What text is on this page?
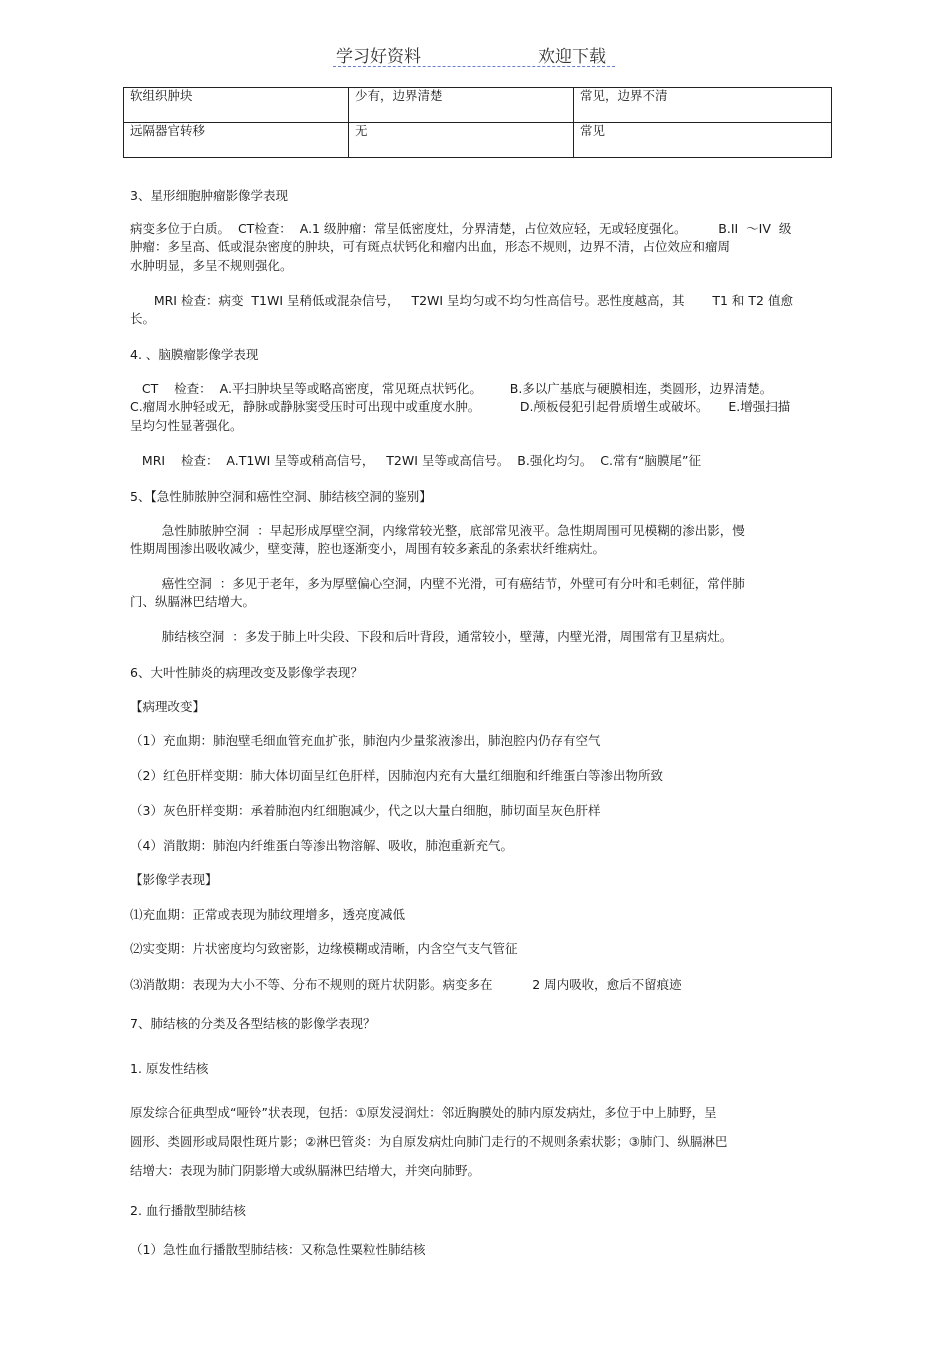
学习好资料	欢迎下载
软组织肿块	少有，边界清楚	常见，边界不清
远隔器官转移	无	常见
3、星形细胞肿瘤影像学表现
病变多位于白质。  CT检查：  A.1 级肿瘤：常呈低密度灶，分界清楚，占位效应轻，无或轻度强化。        B.II  ～IV  级
肿瘤：多呈高、低或混杂密度的肿块，可有斑点状钙化和瘤内出血，形态不规则，边界不清，占位效应和瘤周
水肿明显，多呈不规则强化。
MRI 检查：病变  T1WI 呈稍低或混杂信号，   T2WI 呈均匀或不均匀性高信号。恶性度越高，其       T1 和 T2 值愈
长。
4. 、脑膜瘤影像学表现
CT    检查：  A.平扫肿块呈等或略高密度，常见斑点状钙化。       B.多以广基底与硬膜相连，类圆形，边界清楚。
C.瘤周水肿轻或无，静脉或静脉窦受压时可出现中或重度水肿。          D.颅板侵犯引起骨质增生或破坏。     E.增强扫描
呈均匀性显著强化。
MRI    检查：  A.T1WI 呈等或稍高信号，   T2WI 呈等或高信号。  B.强化均匀。  C.常有“脑膜尾”征
5、【急性肺脓肿空洞和癌性空洞、肺结核空洞的鉴别】
急性肺脓肿空洞  ：早起形成厚壁空洞，内缘常较光整，底部常见液平。急性期周围可见模糊的渗出影，慢
性期周围渗出吸收减少，壁变薄，腔也逐渐变小，周围有较多紊乱的条索状纤维病灶。
癌性空洞  ：多见于老年，多为厚壁偏心空洞，内壁不光滑，可有癌结节，外壁可有分叶和毛刺征，常伴肺
门、纵膈淋巴结增大。
肺结核空洞  ：多发于肺上叶尖段、下段和后叶背段，通常较小，壁薄，内壁光滑，周围常有卫星病灶。
6、大叶性肺炎的病理改变及影像学表现？
【病理改变】
（1）充血期：肺泡壁毛细血管充血扩张，肺泡内少量浆液渗出，肺泡腔内仍存有空气
（2）红色肝样变期：肺大体切面呈红色肝样，因肺泡内充有大量红细胞和纤维蛋白等渗出物所致
（3）灰色肝样变期：承着肺泡内红细胞减少，代之以大量白细胞，肺切面呈灰色肝样
（4）消散期：肺泡内纤维蛋白等渗出物溶解、吸收，肺泡重新充气。
【影像学表现】
⑴充血期：正常或表现为肺纹理增多，透亮度减低
⑵实变期：片状密度均匀致密影，边缘模糊或清晰，内含空气支气管征
⑶消散期：表现为大小不等、分布不规则的斑片状阴影。病变多在          2 周内吸收，愈后不留痕迹
7、肺结核的分类及各型结核的影像学表现？
1. 原发性结核
原发综合征典型成“哑铃”状表现，包括：①原发浸润灶：邻近胸膜处的肺内原发病灶，多位于中上肺野，呈
圆形、类圆形或局限性斑片影；②淋巴管炎：为自原发病灶向肺门走行的不规则条索状影；③肺门、纵膈淋巴
结增大：表现为肺门阴影增大或纵膈淋巴结增大，并突向肺野。
2. 血行播散型肺结核
（1）急性血行播散型肺结核：又称急性粟粒性肺结核
